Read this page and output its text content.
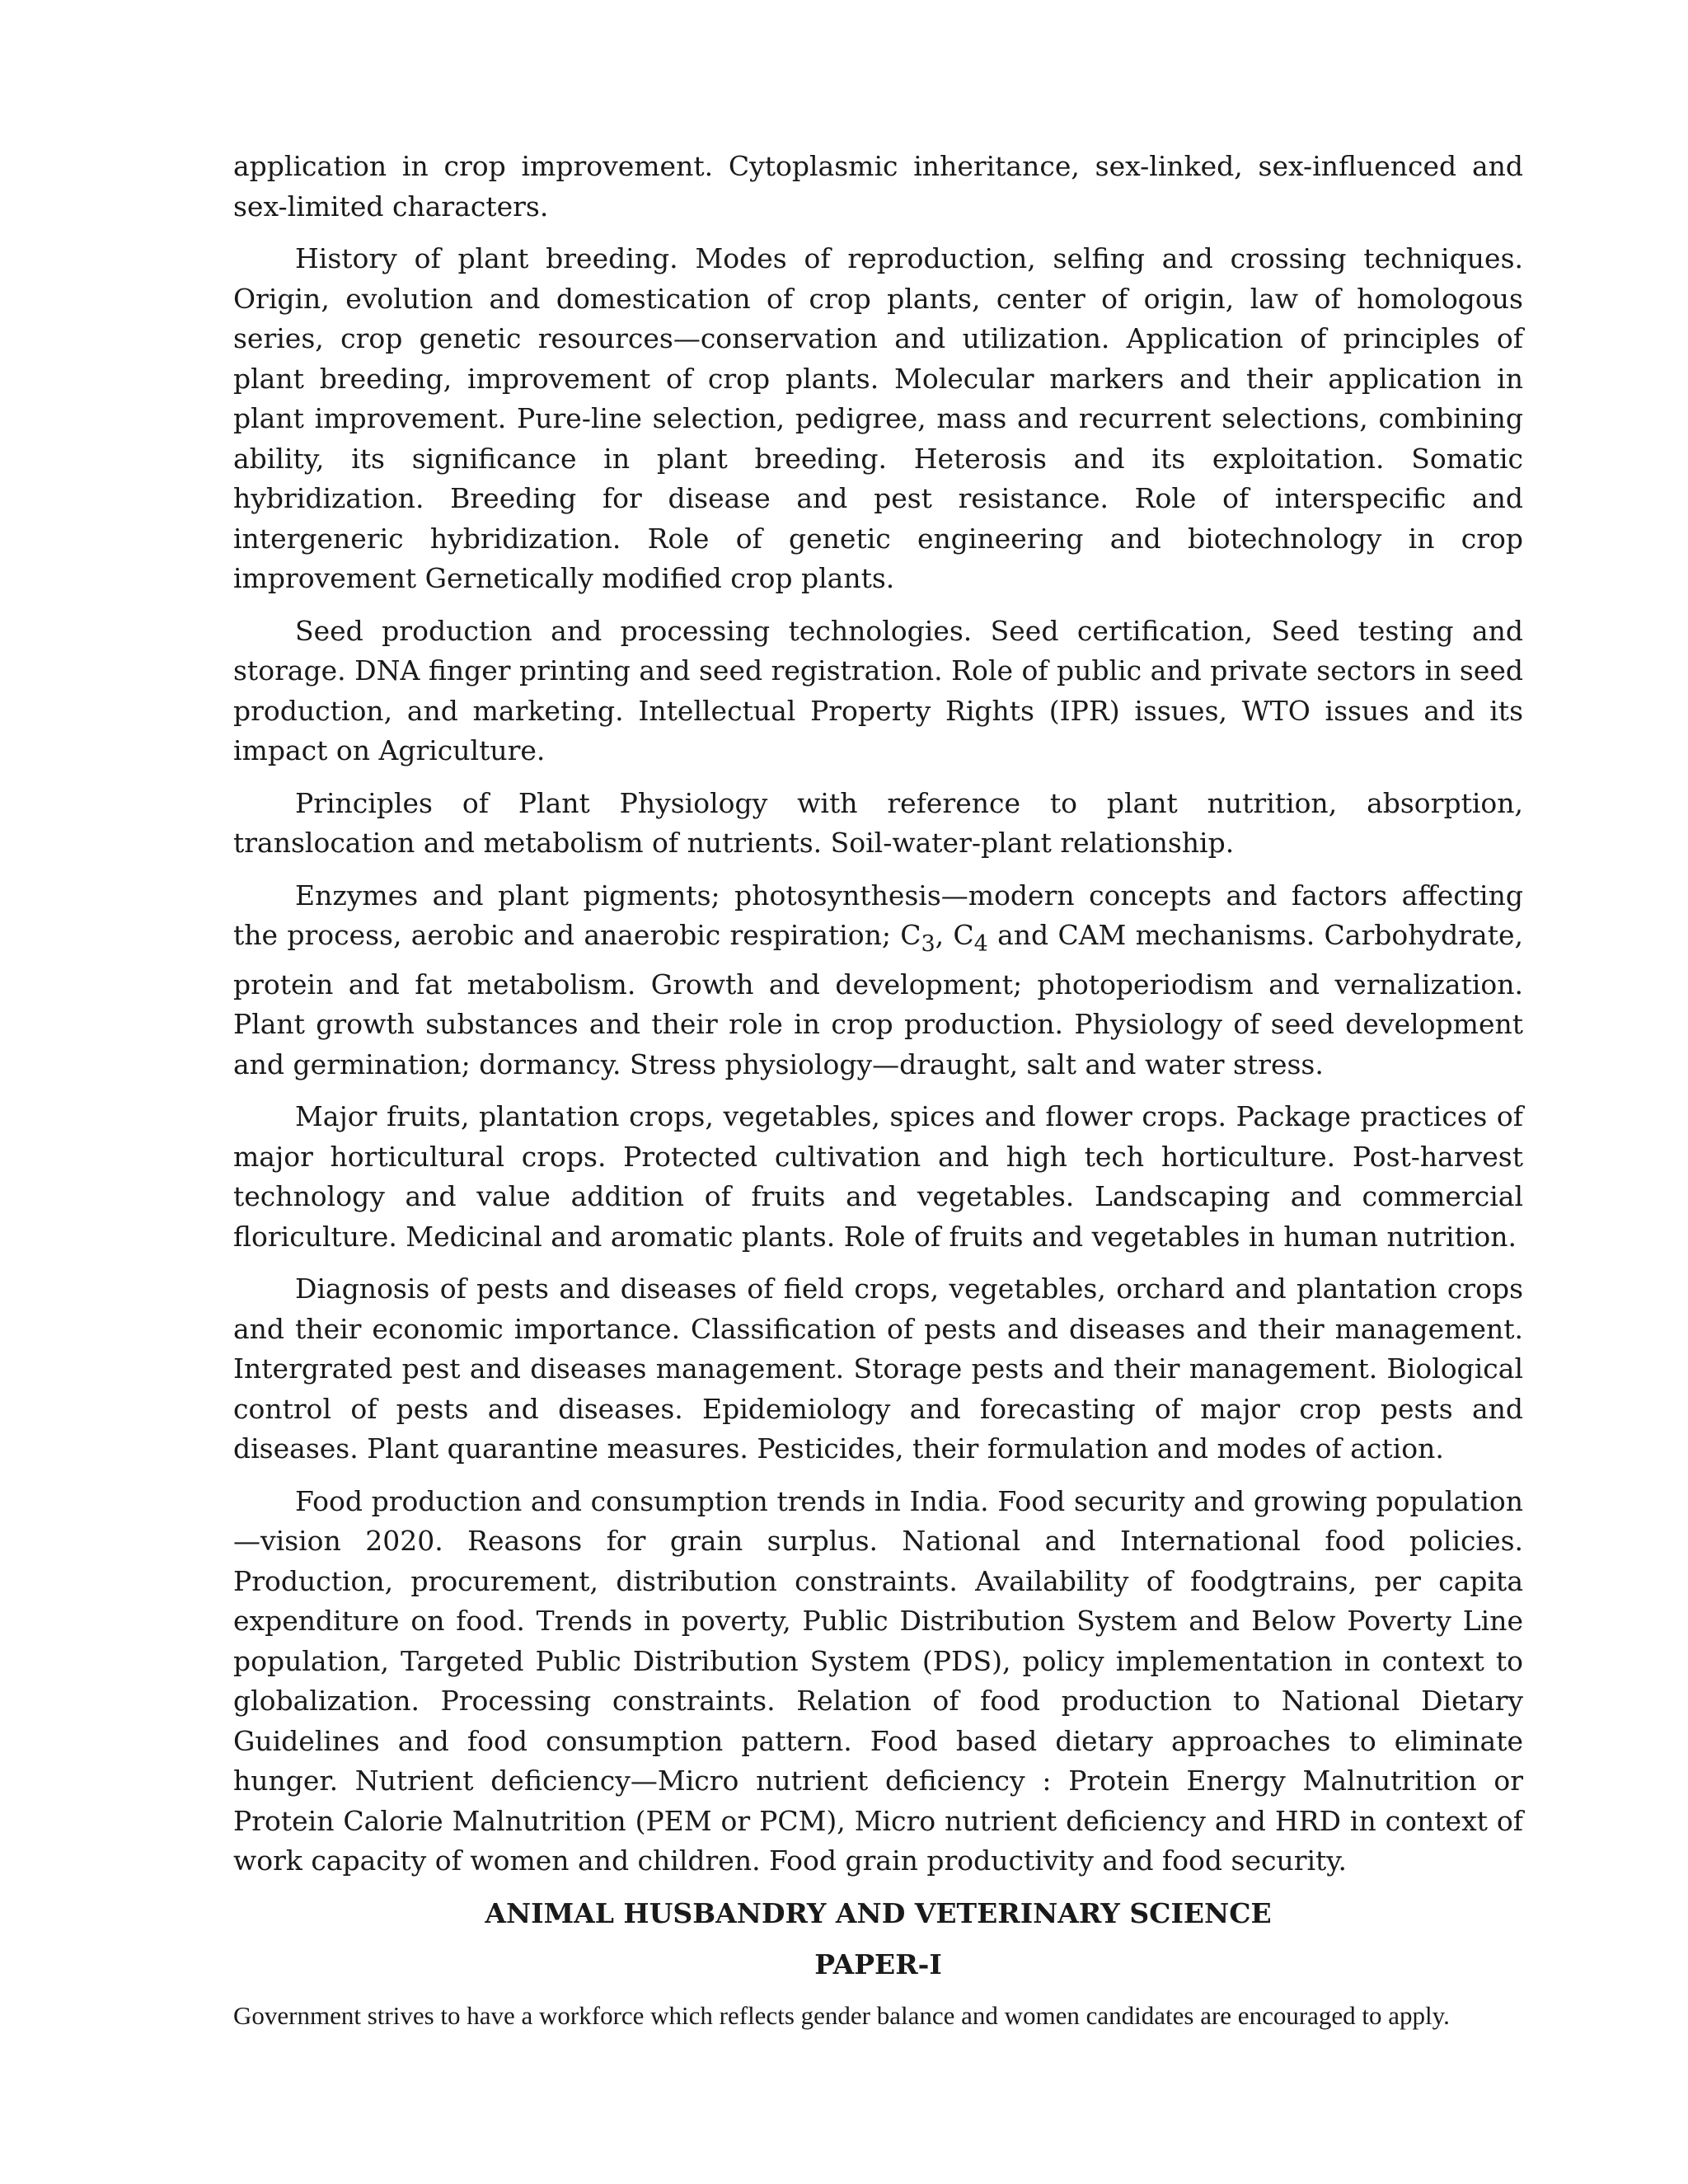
application in crop improvement. Cytoplasmic inheritance, sex-linked, sex-influenced and sex-limited characters.

History of plant breeding. Modes of reproduction, selfing and crossing techniques. Origin, evolution and domestication of crop plants, center of origin, law of homologous series, crop genetic resources—conservation and utilization. Application of principles of plant breeding, improvement of crop plants. Molecular markers and their application in plant improvement. Pure-line selection, pedigree, mass and recurrent selections, combining ability, its significance in plant breeding. Heterosis and its exploitation. Somatic hybridization. Breeding for disease and pest resistance. Role of interspecific and intergeneric hybridization. Role of genetic engineering and biotechnology in crop improvement Gernetically modified crop plants.

Seed production and processing technologies. Seed certification, Seed testing and storage. DNA finger printing and seed registration. Role of public and private sectors in seed production, and marketing. Intellectual Property Rights (IPR) issues, WTO issues and its impact on Agriculture.

Principles of Plant Physiology with reference to plant nutrition, absorption, translocation and metabolism of nutrients. Soil-water-plant relationship.

Enzymes and plant pigments; photosynthesis—modern concepts and factors affecting the process, aerobic and anaerobic respiration; $C_3$, $C_4$ and CAM mechanisms. Carbohydrate, protein and fat metabolism. Growth and development; photoperiodism and vernalization. Plant growth substances and their role in crop production. Physiology of seed development and germination; dormancy. Stress physiology—draught, salt and water stress.

Major fruits, plantation crops, vegetables, spices and flower crops. Package practices of major horticultural crops. Protected cultivation and high tech horticulture. Post-harvest technology and value addition of fruits and vegetables. Landscaping and commercial floriculture. Medicinal and aromatic plants. Role of fruits and vegetables in human nutrition.

Diagnosis of pests and diseases of field crops, vegetables, orchard and plantation crops and their economic importance. Classification of pests and diseases and their management. Intergrated pest and diseases management. Storage pests and their management. Biological control of pests and diseases. Epidemiology and forecasting of major crop pests and diseases. Plant quarantine measures. Pesticides, their formulation and modes of action.

Food production and consumption trends in India. Food security and growing population—vision 2020. Reasons for grain surplus. National and International food policies. Production, procurement, distribution constraints. Availability of foodgtrains, per capita expenditure on food. Trends in poverty, Public Distribution System and Below Poverty Line population, Targeted Public Distribution System (PDS), policy implementation in context to globalization. Processing constraints. Relation of food production to National Dietary Guidelines and food consumption pattern. Food based dietary approaches to eliminate hunger. Nutrient deficiency—Micro nutrient deficiency : Protein Energy Malnutrition or Protein Calorie Malnutrition (PEM or PCM), Micro nutrient deficiency and HRD in context of work capacity of women and children. Food grain productivity and food security.

ANIMAL HUSBANDRY AND VETERINARY SCIENCE

PAPER-I

Government strives to have a workforce which reflects gender balance and women candidates are encouraged to apply.
